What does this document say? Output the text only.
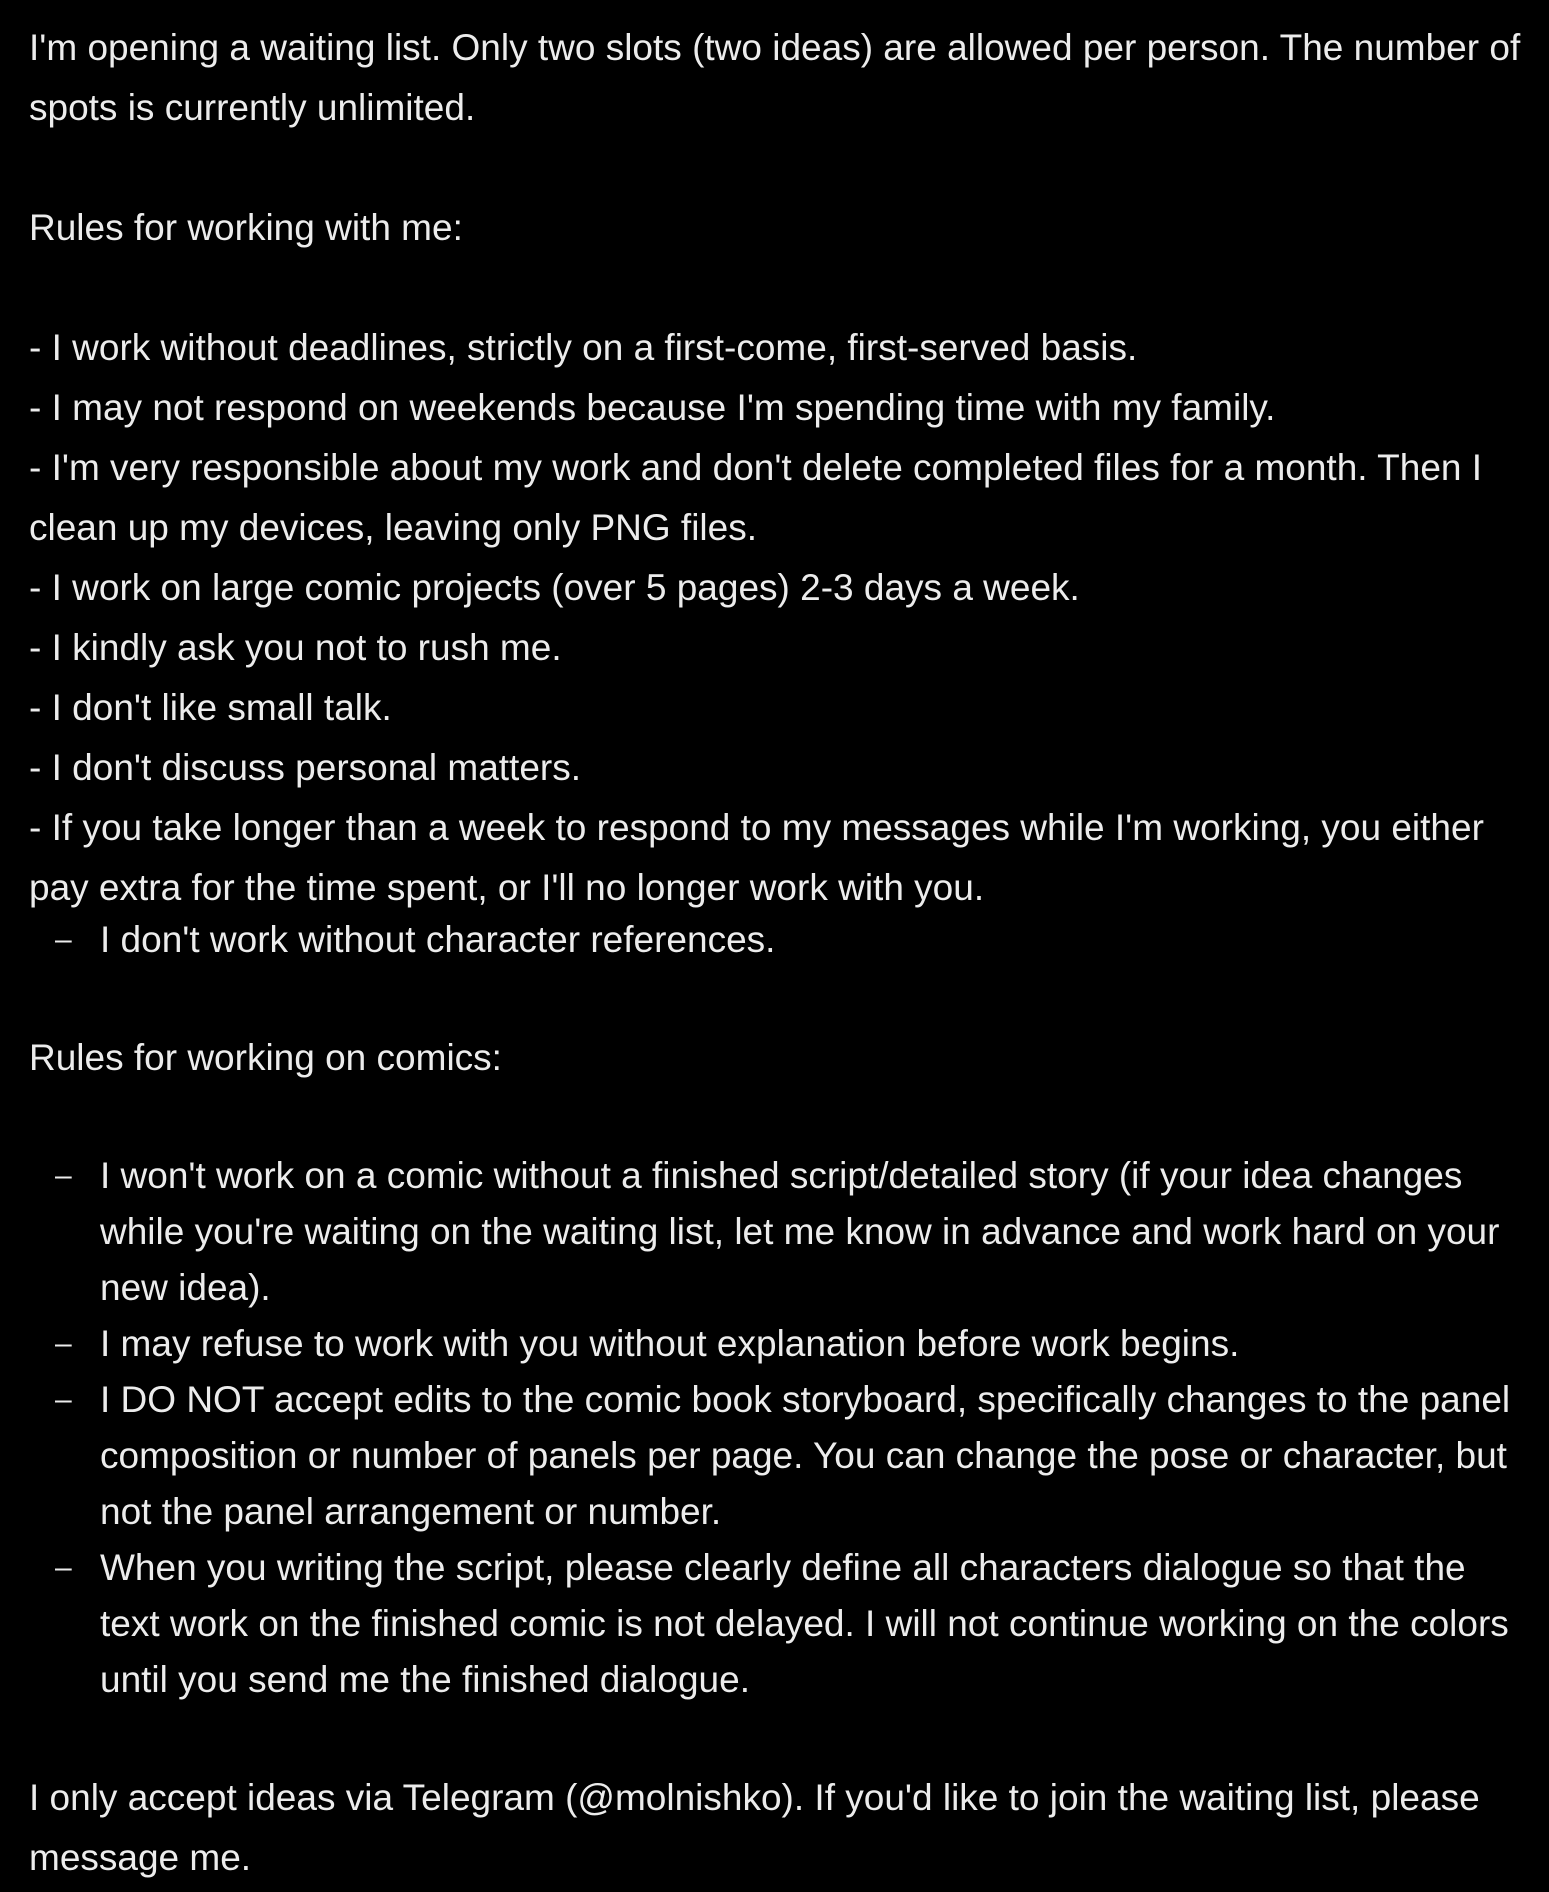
I'm opening a waiting list. Only two slots (two ideas) are allowed per person. The number of spots is currently unlimited.

Rules for working with me:

- I work without deadlines, strictly on a first-come, first-served basis.

- I may not respond on weekends because I'm spending time with my family.

- I'm very responsible about my work and don't delete completed files for a month. Then I clean up my devices, leaving only PNG files.

- I work on large comic projects (over 5 pages) 2-3 days a week.

- I kindly ask you not to rush me.

- I don't like small talk.

- I don't discuss personal matters.

- If you take longer than a week to respond to my messages while I'm working, you either pay extra for the time spent, or I'll no longer work with you.

– I don't work without character references.

Rules for working on comics:

– I won't work on a comic without a finished script/detailed story (if your idea changes while you're waiting on the waiting list, let me know in advance and work hard on your new idea).
– I may refuse to work with you without explanation before work begins.
– I DO NOT accept edits to the comic book storyboard, specifically changes to the panel composition or number of panels per page. You can change the pose or character, but not the panel arrangement or number.
– When you writing the script, please clearly define all characters dialogue so that the text work on the finished comic is not delayed. I will not continue working on the colors until you send me the finished dialogue.

I only accept ideas via Telegram (@molnishko). If you'd like to join the waiting list, please message me.
